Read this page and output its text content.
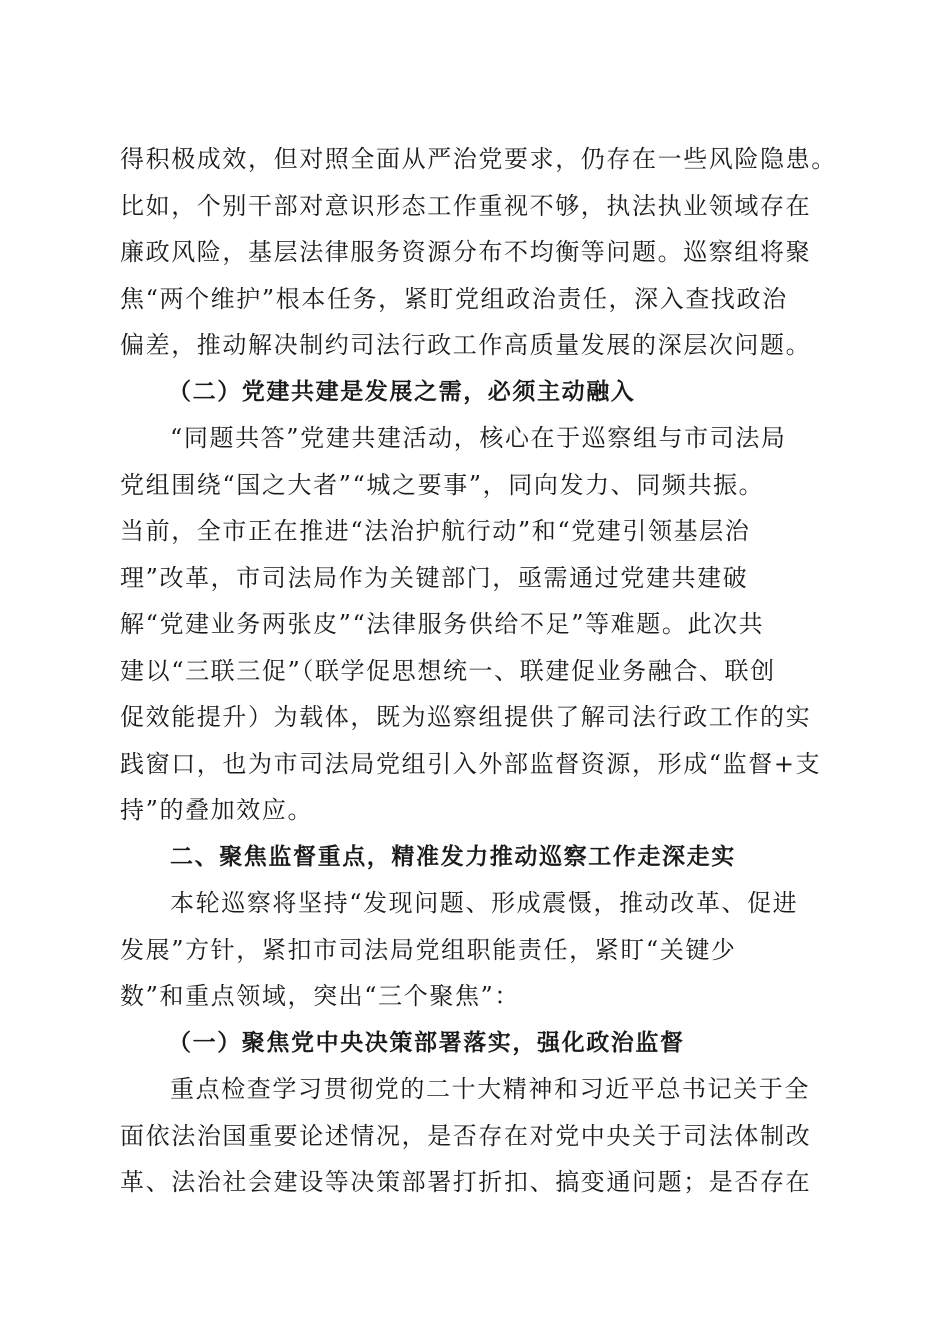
得积极成效，但对照全面从严治党要求，仍存在一些风险隐患。
比如，个别干部对意识形态工作重视不够，执法执业领域存在
廉政风险，基层法律服务资源分布不均衡等问题。巡察组将聚
焦“两个维护”根本任务，紧盯党组政治责任，深入查找政治
偏差，推动解决制约司法行政工作高质量发展的深层次问题。
（二）党建共建是发展之需，必须主动融入
“同题共答”党建共建活动，核心在于巡察组与市司法局
党组围绕“国之大者”“城之要事”，同向发力、同频共振。
当前，全市正在推进“法治护航行动”和“党建引领基层治
理”改革，市司法局作为关键部门，亟需通过党建共建破
解“党建业务两张皮”“法律服务供给不足”等难题。此次共
建以“三联三促”（联学促思想统一、联建促业务融合、联创
促效能提升）为载体，既为巡察组提供了解司法行政工作的实
践窗口，也为市司法局党组引入外部监督资源，形成“监督+支
持”的叠加效应。
二、聚焦监督重点，精准发力推动巡察工作走深走实
本轮巡察将坚持“发现问题、形成震慑，推动改革、促进
发展”方针，紧扣市司法局党组职能责任，紧盯“关键少
数”和重点领域，突出“三个聚焦”：
（一）聚焦党中央决策部署落实，强化政治监督
重点检查学习贯彻党的二十大精神和习近平总书记关于全
面依法治国重要论述情况，是否存在对党中央关于司法体制改
革、法治社会建设等决策部署打折扣、搞变通问题；是否存在
